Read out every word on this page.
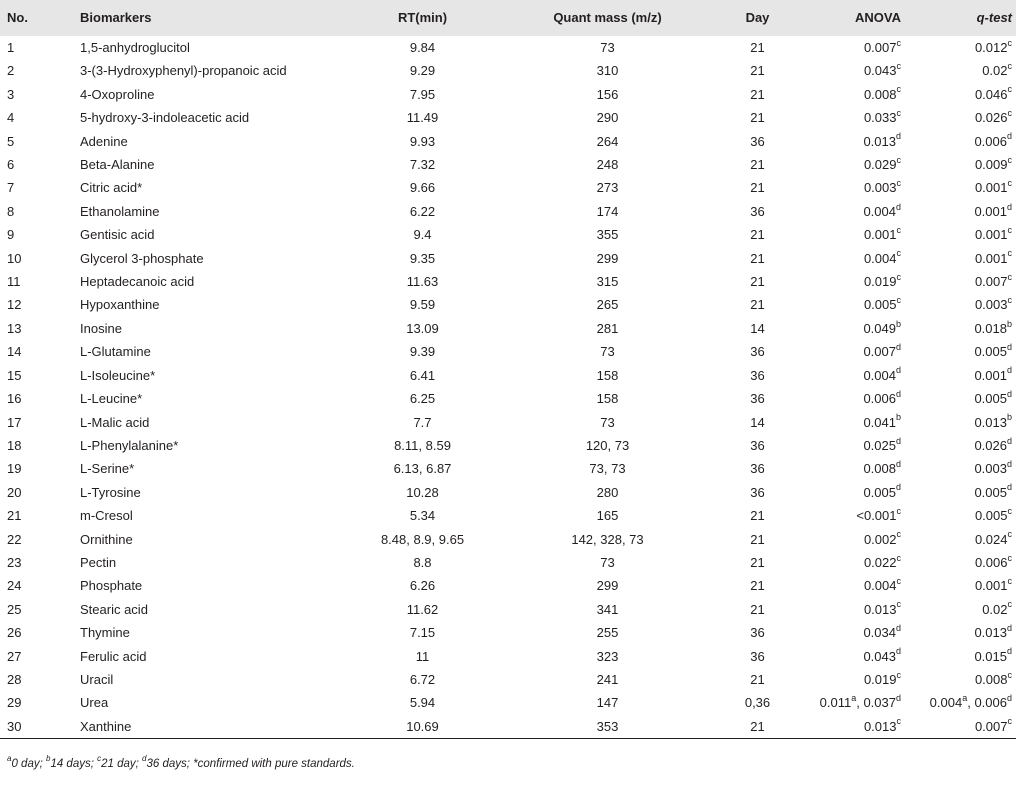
No.	Biomarkers	RT(min)	Quant mass (m/z)	Day	ANOVA	q-test
1	1,5-anhydroglucitol	9.84	73	21	0.007$^c$	0.012$^c$
2	3-(3-Hydroxyphenyl)-propanoic acid	9.29	310	21	0.043$^c$	0.02$^c$
3	4-Oxoproline	7.95	156	21	0.008$^c$	0.046$^c$
4	5-hydroxy-3-indoleacetic acid	11.49	290	21	0.033$^c$	0.026$^c$
5	Adenine	9.93	264	36	0.013$^d$	0.006$^d$
6	Beta-Alanine	7.32	248	21	0.029$^c$	0.009$^c$
7	Citric acid*	9.66	273	21	0.003$^c$	0.001$^c$
8	Ethanolamine	6.22	174	36	0.004$^d$	0.001$^d$
9	Gentisic acid	9.4	355	21	0.001$^c$	0.001$^c$
10	Glycerol 3-phosphate	9.35	299	21	0.004$^c$	0.001$^c$
11	Heptadecanoic acid	11.63	315	21	0.019$^c$	0.007$^c$
12	Hypoxanthine	9.59	265	21	0.005$^c$	0.003$^c$
13	Inosine	13.09	281	14	0.049$^b$	0.018$^b$
14	L-Glutamine	9.39	73	36	0.007$^d$	0.005$^d$
15	L-Isoleucine*	6.41	158	36	0.004$^d$	0.001$^d$
16	L-Leucine*	6.25	158	36	0.006$^d$	0.005$^d$
17	L-Malic acid	7.7	73	14	0.041$^b$	0.013$^b$
18	L-Phenylalanine*	8.11, 8.59	120, 73	36	0.025$^d$	0.026$^d$
19	L-Serine*	6.13, 6.87	73, 73	36	0.008$^d$	0.003$^d$
20	L-Tyrosine	10.28	280	36	0.005$^d$	0.005$^d$
21	m-Cresol	5.34	165	21	<0.001$^c$	0.005$^c$
22	Ornithine	8.48, 8.9, 9.65	142, 328, 73	21	0.002$^c$	0.024$^c$
23	Pectin	8.8	73	21	0.022$^c$	0.006$^c$
24	Phosphate	6.26	299	21	0.004$^c$	0.001$^c$
25	Stearic acid	11.62	341	21	0.013$^c$	0.02$^c$
26	Thymine	7.15	255	36	0.034$^d$	0.013$^d$
27	Ferulic acid	11	323	36	0.043$^d$	0.015$^d$
28	Uracil	6.72	241	21	0.019$^c$	0.008$^c$
29	Urea	5.94	147	0,36	0.011$^a$, 0.037$^d$	0.004$^a$, 0.006$^d$
30	Xanthine	10.69	353	21	0.013$^c$	0.007$^c$
$^a$0 day; $^b$14 days; $^c$21 day; $^d$36 days; *confirmed with pure standards.
